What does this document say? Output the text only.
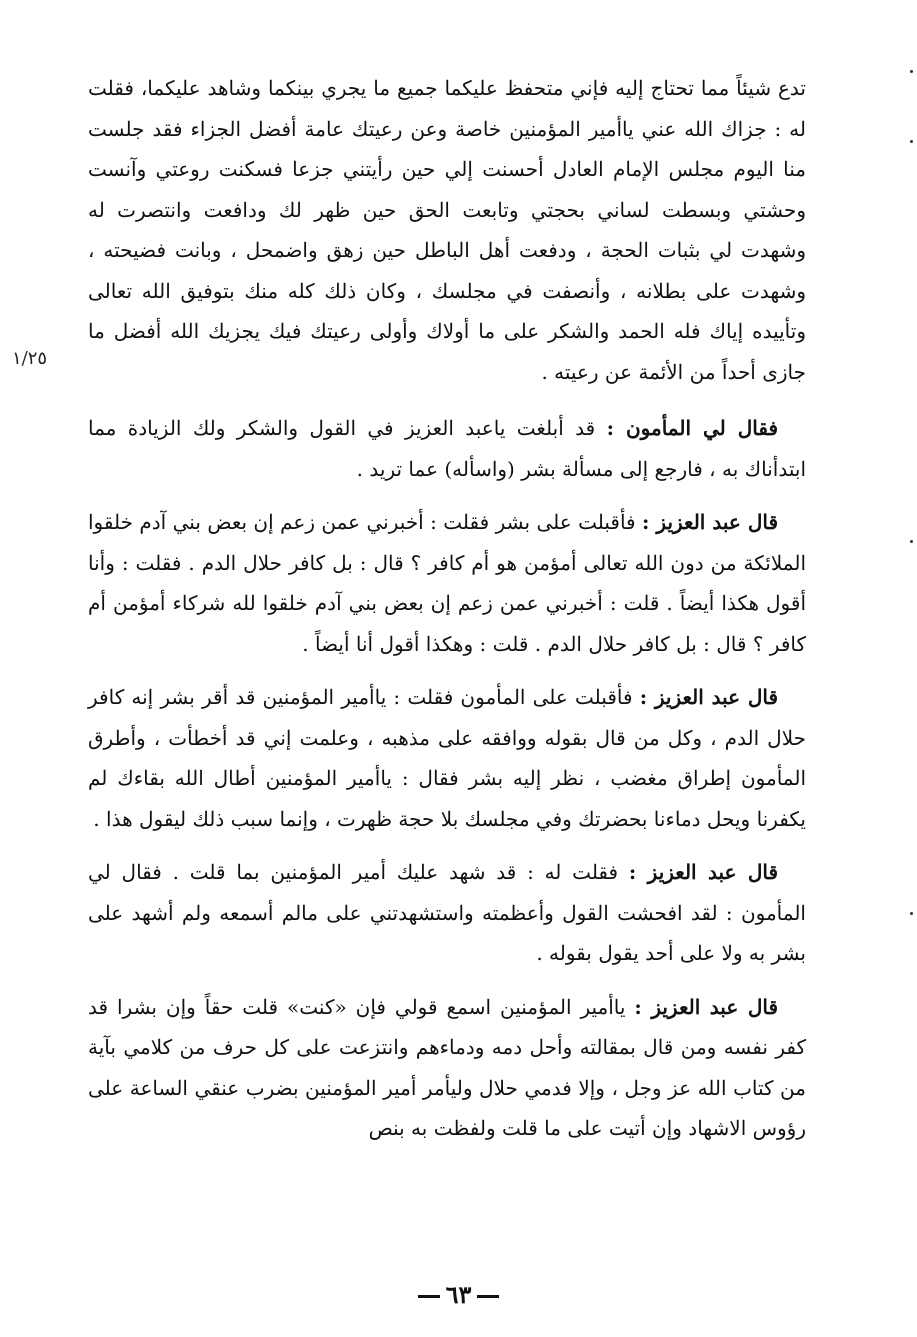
١/٢٥

تدع شيئاً مما تحتاج إليه فإني متحفظ عليكما جميع ما يجري بينكما وشاهد عليكما، فقلت له : جزاك الله عني ياأمير المؤمنين خاصة وعن رعيتك عامة أفضل الجزاء فقد جلست منا اليوم مجلس الإمام العادل أحسنت إلي حين رأيتني جزعا فسكنت روعتي وآنست وحشتي وبسطت لساني بحجتي وتابعت الحق حين ظهر لك ودافعت وانتصرت له وشهدت لي بثبات الحجة ، ودفعت أهل الباطل حين زهق واضمحل ، وبانت فضيحته ، وشهدت على بطلانه ، وأنصفت في مجلسك ، وكان ذلك كله منك بتوفيق الله تعالى وتأييده إياك فله الحمد والشكر على ما أولاك وأولى رعيتك فيك يجزيك الله أفضل ما جازى أحداً من الأئمة عن رعيته .

فقال لي المأمون : قد أبلغت ياعبد العزيز في القول والشكر ولك الزيادة مما ابتدأناك به ، فارجع إلى مسألة بشر (واسأله) عما تريد .

قال عبد العزيز : فأقبلت على بشر فقلت : أخبرني عمن زعم إن بعض بني آدم خلقوا الملائكة من دون الله تعالى أمؤمن هو أم كافر ؟ قال : بل كافر حلال الدم . فقلت : وأنا أقول هكذا أيضاً . قلت : أخبرني عمن زعم إن بعض بني آدم خلقوا لله شركاء أمؤمن أم كافر ؟ قال : بل كافر حلال الدم . قلت : وهكذا أقول أنا أيضاً .

قال عبد العزيز : فأقبلت على المأمون فقلت : ياأمير المؤمنين قد أقر بشر إنه كافر حلال الدم ، وكل من قال بقوله ووافقه على مذهبه ، وعلمت إني قد أخطأت ، وأطرق المأمون إطراق مغضب ، نظر إليه بشر فقال : ياأمير المؤمنين أطال الله بقاءك لم يكفرنا ويحل دماءنا بحضرتك وفي مجلسك بلا حجة ظهرت ، وإنما سبب ذلك ليقول هذا .

قال عبد العزيز : فقلت له : قد شهد عليك أمير المؤمنين بما قلت . فقال لي المأمون : لقد افحشت القول وأعظمته واستشهدتني على مالم أسمعه ولم أشهد على بشر به ولا على أحد يقول بقوله .

قال عبد العزيز : ياأمير المؤمنين اسمع قولي فإن «كنت» قلت حقاً وإن بشرا قد كفر نفسه ومن قال بمقالته وأحل دمه ودماءهم وانتزعت على كل حرف من كلامي بآية من كتاب الله عز وجل ، وإلا فدمي حلال وليأمر أمير المؤمنين بضرب عنقي الساعة على رؤوس الاشهاد وإن أتيت على ما قلت ولفظت به بنص

٦٣
